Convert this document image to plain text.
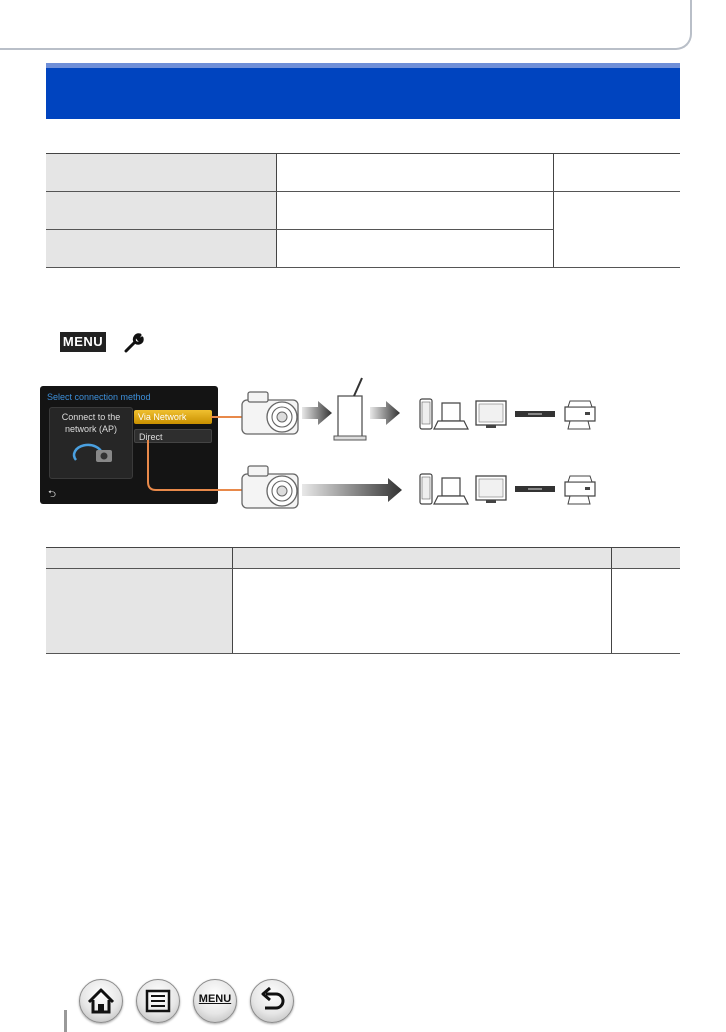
MENU
Select connection method
Connect to the network (AP)
Via Network
Direct
⮌

MENU
